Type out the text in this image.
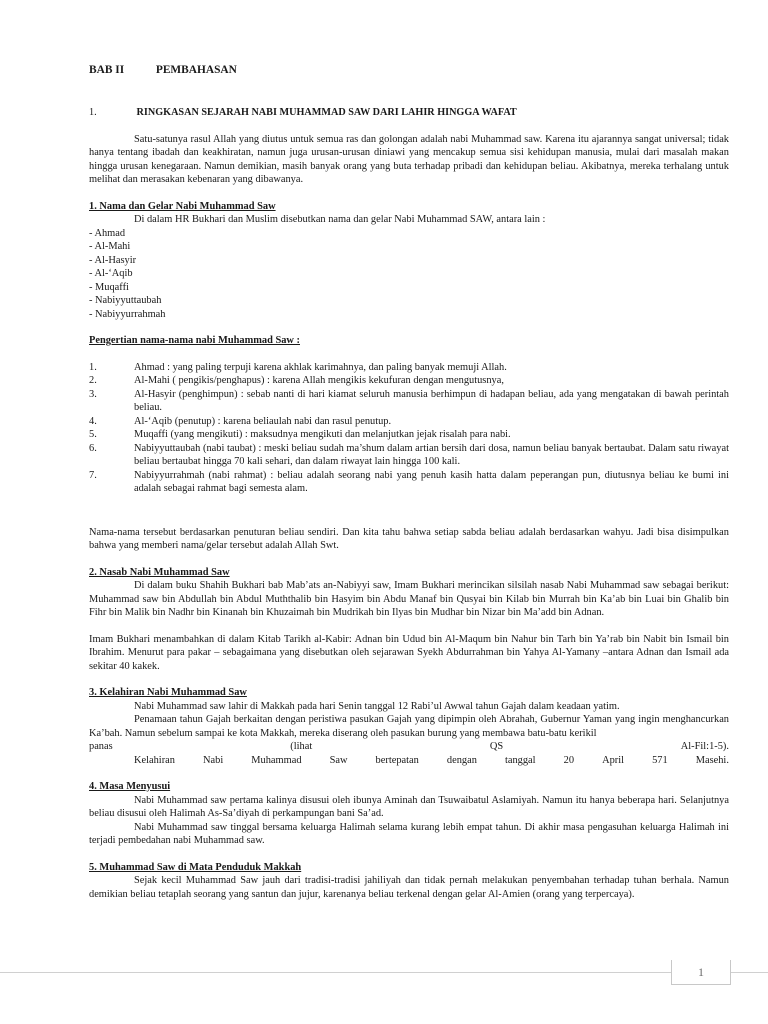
BAB II	PEMBAHASAN
1.	RINGKASAN SEJARAH NABI MUHAMMAD SAW DARI LAHIR HINGGA WAFAT

Satu-satunya rasul Allah yang diutus untuk semua ras dan golongan adalah nabi Muhammad saw. Karena itu ajarannya sangat universal; tidak hanya tentang ibadah dan keakhiratan, namun juga urusan-urusan diniawi yang mencakup semua sisi kehidupan manusia, mulai dari masalah makan hingga urusan kenegaraan. Namun demikian, masih banyak orang yang buta terhadap pribadi dan kehidupan beliau. Akibatnya, mereka terhalang untuk melihat dan merasakan kebenaran yang dibawanya.

1. Nama dan Gelar Nabi Muhammad Saw

Di dalam HR Bukhari dan Muslim disebutkan nama dan gelar Nabi Muhammad SAW, antara lain :

- Ahmad
- Al-Mahi
- Al-Hasyir
- Al-‘Aqib
- Muqaffi
- Nabiyyuttaubah
- Nabiyyurrahmah

Pengertian nama-nama nabi Muhammad Saw :

1.	Ahmad : yang paling terpuji karena akhlak karimahnya, dan paling banyak memuji Allah.
2.	Al-Mahi ( pengikis/penghapus) : karena Allah mengikis kekufuran dengan mengutusnya,
3.	Al-Hasyir (penghimpun) : sebab nanti di hari kiamat seluruh manusia berhimpun di hadapan beliau, ada yang mengatakan di bawah perintah beliau.
4.	Al-‘Aqib (penutup) : karena beliaulah nabi dan rasul penutup.
5.	Muqaffi (yang mengikuti) : maksudnya mengikuti dan melanjutkan jejak risalah para nabi.
6.	Nabiyyuttaubah (nabi taubat) : meski beliau sudah ma’shum dalam artian bersih dari dosa, namun beliau banyak bertaubat. Dalam satu riwayat beliau bertaubat hingga 70 kali sehari, dan dalam riwayat lain hingga 100 kali.
7.	Nabiyyurrahmah (nabi rahmat) : beliau adalah seorang nabi yang penuh kasih hatta dalam peperangan pun, diutusnya beliau ke bumi ini adalah sebagai rahmat bagi semesta alam.

Nama-nama tersebut berdasarkan penuturan beliau sendiri. Dan kita tahu bahwa setiap sabda beliau adalah berdasarkan wahyu. Jadi bisa disimpulkan bahwa yang memberi nama/gelar tersebut adalah Allah Swt.

2. Nasab Nabi Muhammad Saw

Di dalam buku Shahih Bukhari bab Mab’ats an-Nabiyyi saw, Imam Bukhari merincikan silsilah nasab Nabi Muhammad saw sebagai berikut: Muhammad saw bin Abdullah bin Abdul Muththalib bin Hasyim bin Abdu Manaf bin Qusyai bin Kilab bin Murrah bin Ka’ab bin Luai bin Ghalib bin Fihr bin Malik bin Nadhr bin Kinanah bin Khuzaimah bin Mudrikah bin Ilyas bin Mudhar bin Nizar bin Ma’add bin Adnan.

Imam Bukhari menambahkan di dalam Kitab Tarikh al-Kabir: Adnan bin Udud bin Al-Maqum bin Nahur bin Tarh bin Ya’rab bin Nabit bin Ismail bin Ibrahim. Menurut para pakar – sebagaimana yang disebutkan oleh sejarawan Syekh Abdurrahman bin Yahya Al-Yamany –antara Adnan dan Ismail ada sekitar 40 kakek.

3. Kelahiran Nabi Muhammad Saw

Nabi Muhammad saw lahir di Makkah pada hari Senin tanggal 12 Rabi’ul Awwal tahun Gajah dalam keadaan yatim.

Penamaan tahun Gajah berkaitan dengan peristiwa pasukan Gajah yang dipimpin oleh Abrahah, Gubernur Yaman yang ingin menghancurkan Ka’bah. Namun sebelum sampai ke kota Makkah, mereka diserang oleh pasukan burung yang membawa batu-batu kerikil

panas	(lihat	QS	Al-Fil:1-5).
Kelahiran	Nabi	Muhammad	Saw	bertepatan	dengan	tanggal	20	April	571	Masehi.

4. Masa Menyusui

Nabi Muhammad saw pertama kalinya disusui oleh ibunya Aminah dan Tsuwaibatul Aslamiyah. Namun itu hanya beberapa hari. Selanjutnya beliau disusui oleh Halimah As-Sa’diyah di perkampungan bani Sa’ad.

Nabi Muhammad saw tinggal bersama keluarga Halimah selama kurang lebih empat tahun. Di akhir masa pengasuhan keluarga Halimah ini terjadi pembedahan nabi Muhammad saw.

5. Muhammad Saw di Mata Penduduk Makkah

Sejak kecil Muhammad Saw jauh dari tradisi-tradisi jahiliyah dan tidak pernah melakukan penyembahan terhadap tuhan berhala. Namun demikian beliau tetaplah seorang yang santun dan jujur, karenanya beliau terkenal dengan gelar Al-Amien (orang yang terpercaya).

1
